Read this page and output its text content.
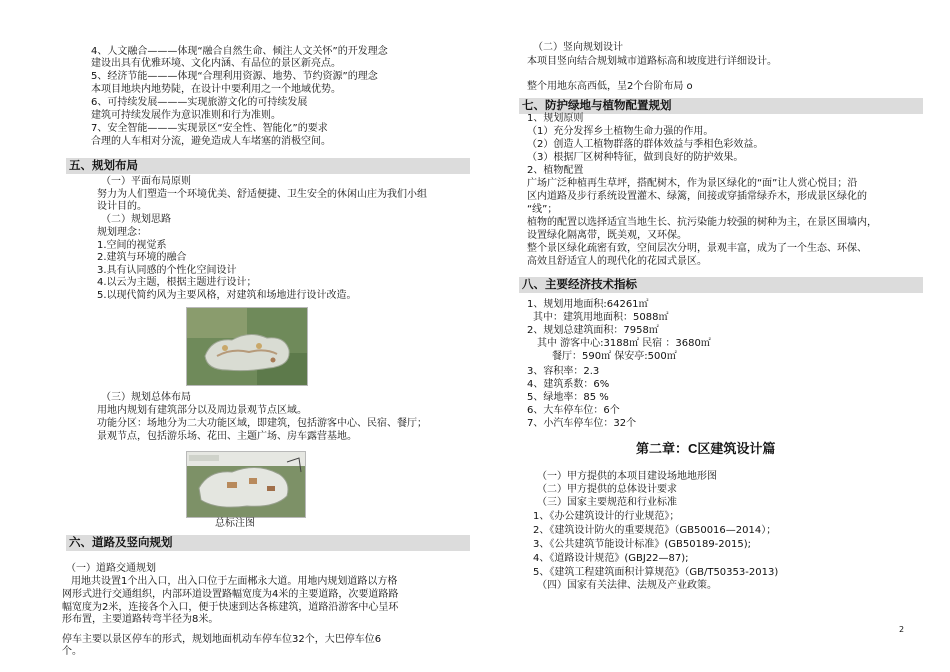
4、人文融合———体现“融合自然生命、倾注人文关怀”的开发理念
建设出具有优雅环境、文化内涵、有品位的景区新亮点。
5、经济节能———体现“合理利用资源、地势、节约资源”的理念
本项目地块内地势陡，在设计中要利用之一个地域优势。
6、可持续发展———实现旅游文化的可持续发展
建筑可持续发展作为意识准则和行为准则。
7、安全智能———实现景区“安全性、智能化”的要求
合理的人车相对分流，避免造成人车堵塞的消极空间。
五、规划布局
（一）平面布局原则
努力为人们塑造一个环境优美、舒适便捷、卫生安全的休闲山庄为我们小组
设计目的。
（二）规划思路
规划理念：
1.空间的视觉系
2.建筑与环境的融合
3.具有认同感的个性化空间设计
4.以云为主题，根据主题进行设计；
5.以现代简约风为主要风格，对建筑和场地进行设计改造。
（三）规划总体布局
用地内规划有建筑部分以及周边景观节点区域。
功能分区：场地分为二大功能区域，即建筑，包括游客中心、民宿、餐厅；
景观节点，包括游乐场、花田、主题广场、房车露营基地。
总标注图
六、道路及竖向规划
（一）道路交通规划
用地共设置1个出入口，出入口位于左面郴永大道。用地内规划道路以方格
网形式进行交通组织，内部环道设置路幅宽度为4米的主要道路，次要道路路
幅宽度为2米，连接各个入口，便于快速到达各栋建筑，道路沿游客中心呈环
形布置，主要道路转弯半径为8米。
停车主要以景区停车的形式，规划地面机动车停车位32个，大巴停车位6
个。
（二）竖向规划设计
本项目竖向结合规划城市道路标高和坡度进行详细设计。
整个用地东高西低，呈2个台阶布局 o
七、防护绿地与植物配置规划
1、规划原则
（1）充分发挥乡土植物生命力强的作用。
（2）创造人工植物群落的群体效益与季相色彩效益。
（3）根据厂区树种特征，做到良好的防护效果。
2、植物配置
广场广泛种植再生草坪，搭配树木，作为景区绿化的“面”让人赏心悦目；沿
区内道路及步行系统设置灌木、绿篱，间接或穿插常绿乔木，形成景区绿化的
“线”；
植物的配置以选择适宜当地生长、抗污染能力较强的树种为主，在景区围墙内，
设置绿化隔离带，既美观，又环保。
整个景区绿化疏密有致，空间层次分明，景观丰富，成为了一个生态、环保、
高效且舒适宜人的现代化的花园式景区。
八、主要经济技术指标
1、规划用地面积:64261㎡
其中：建筑用地面积：5088㎡
2、规划总建筑面积：7958㎡
其中 游客中心:3188㎡ 民宿 ：3680㎡
餐厅：590㎡ 保安亭:500㎡
3、容积率：2.3
4、建筑系数：6%
5、绿地率：85 %
6、大车停车位：6个
7、小汽车停车位：32个
第二章：C区建筑设计篇
（一）甲方提供的本项目建设场地地形图
（二）甲方提供的总体设计要求
（三）国家主要规范和行业标准
1、《办公建筑设计的行业规范》；
2、《建筑设计防火的重要规范》（GB50016—2014）；
3、《公共建筑节能设计标准》(GB50189-2015);
4、《道路设计规范》(GBJ22—87);
5、《建筑工程建筑面积计算规范》（GB/T50353-2013)
（四）国家有关法律、法规及产业政策。
2
